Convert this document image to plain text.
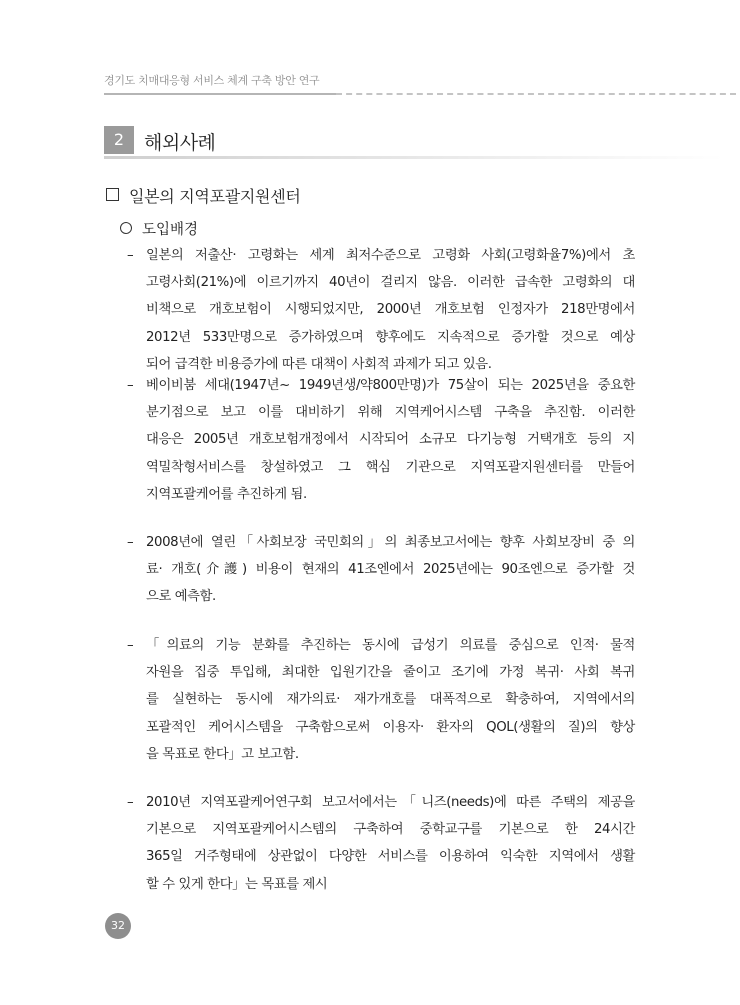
경기도 치매대응형 서비스 체계 구축 방안 연구
2	해외사례
일본의 지역포괄지원센터
도입배경
– 일본의 저출산· 고령화는 세계 최저수준으로 고령화 사회(고령화율7%)에서 초
고령사회(21%)에 이르기까지 40년이 걸리지 않음. 이러한 급속한 고령화의 대
비책으로 개호보험이 시행되었지만, 2000년 개호보험 인정자가 218만명에서
2012년 533만명으로 증가하였으며 향후에도 지속적으로 증가할 것으로 예상
되어 급격한 비용증가에 따른 대책이 사회적 과제가 되고 있음.
– 베이비붐 세대(1947년~ 1949년생/약800만명)가 75살이 되는 2025년을 중요한
분기점으로 보고 이를 대비하기 위해 지역케어시스템 구축을 추진함. 이러한
대응은 2005년 개호보험개정에서 시작되어 소규모 다기능형 거택개호 등의 지
역밀착형서비스를 창설하였고 그 핵심 기관으로 지역포괄지원센터를 만들어
지역포괄케어를 추진하게 됨.
– 2008년에 열린「사회보장 국민회의」의 최종보고서에는 향후 사회보장비 중 의
료· 개호(介護) 비용이 현재의 41조엔에서 2025년에는 90조엔으로 증가할 것
으로 예측함.
– 「의료의 기능 분화를 추진하는 동시에 급성기 의료를 중심으로 인적· 물적
자원을 집중 투입해, 최대한 입원기간을 줄이고 조기에 가정 복귀· 사회 복귀
를 실현하는 동시에 재가의료· 재가개호를 대폭적으로 확충하여, 지역에서의
포괄적인 케어시스템을 구축함으로써 이용자· 환자의 QOL(생활의 질)의 향상
을 목표로 한다」고 보고함.
– 2010년 지역포괄케어연구회 보고서에서는「니즈(needs)에 따른 주택의 제공을
기본으로 지역포괄케어시스템의 구축하여 중학교구를 기본으로 한 24시간
365일 거주형태에 상관없이 다양한 서비스를 이용하여 익숙한 지역에서 생활
할 수 있게 한다」는 목표를 제시
32
